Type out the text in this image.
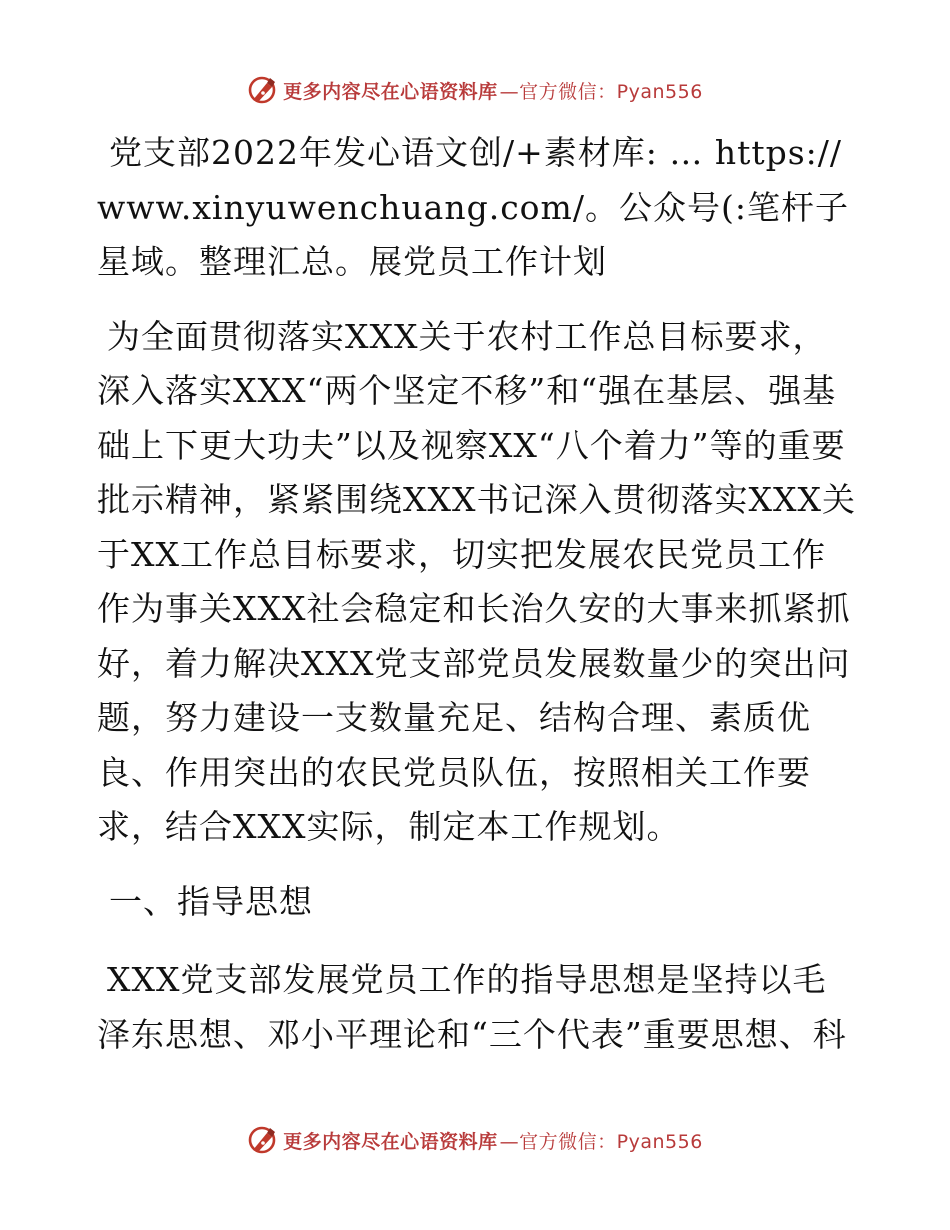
更多内容尽在心语资料库 —官方微信：Pyan556

党支部2022年发心语文创/+素材库: … https://www.xinyuwenchuang.com/。公众号(:笔杆子星域。整理汇总。展党员工作计划

为全面贯彻落实XXX关于农村工作总目标要求，深入落实XXX“两个坚定不移”和“强在基层、强基础上下更大功夫”以及视察XX“八个着力”等的重要批示精神，紧紧围绕XXX书记深入贯彻落实XXX关于XX工作总目标要求，切实把发展农民党员工作作为事关XXX社会稳定和长治久安的大事来抓紧抓好，着力解决XXX党支部党员发展数量少的突出问题，努力建设一支数量充足、结构合理、素质优良、作用突出的农民党员队伍，按照相关工作要求，结合XXX实际，制定本工作规划。

一、指导思想

XXX党支部发展党员工作的指导思想是坚持以毛泽东思想、邓小平理论和“三个代表”重要思想、科

更多内容尽在心语资料库 —官方微信：Pyan556
